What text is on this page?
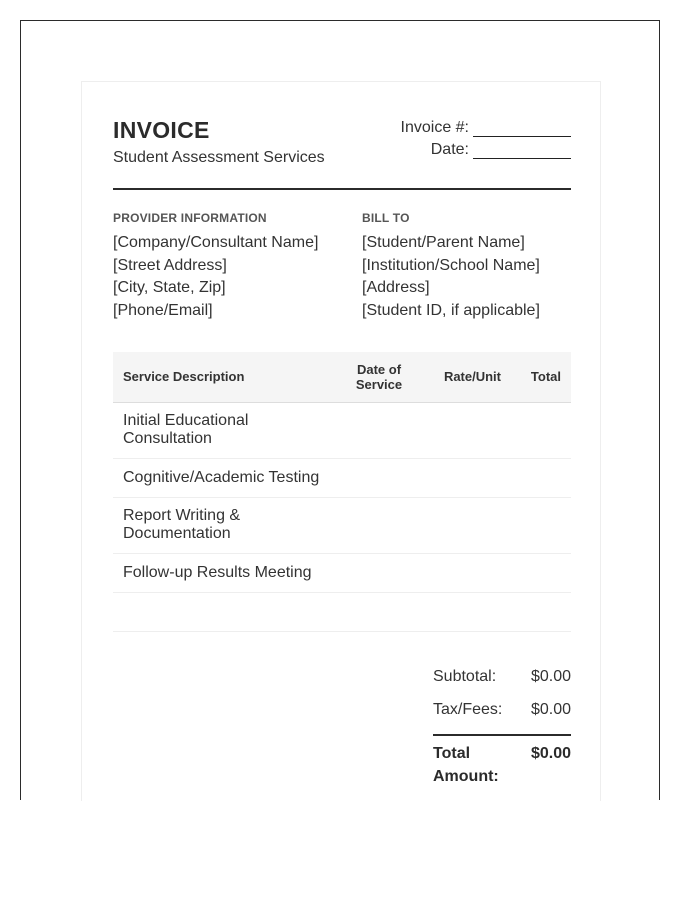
INVOICE
Student Assessment Services
Invoice #:
Date:
PROVIDER INFORMATION
[Company/Consultant Name]
[Street Address]
[City, State, Zip]
[Phone/Email]
BILL TO
[Student/Parent Name]
[Institution/School Name]
[Address]
[Student ID, if applicable]
Service Description	Date of Service	Rate/Unit	Total
Initial Educational Consultation			
Cognitive/Academic Testing			
Report Writing & Documentation			
Follow-up Results Meeting			

Subtotal: $0.00
Tax/Fees: $0.00
Total Amount:
$0.00
